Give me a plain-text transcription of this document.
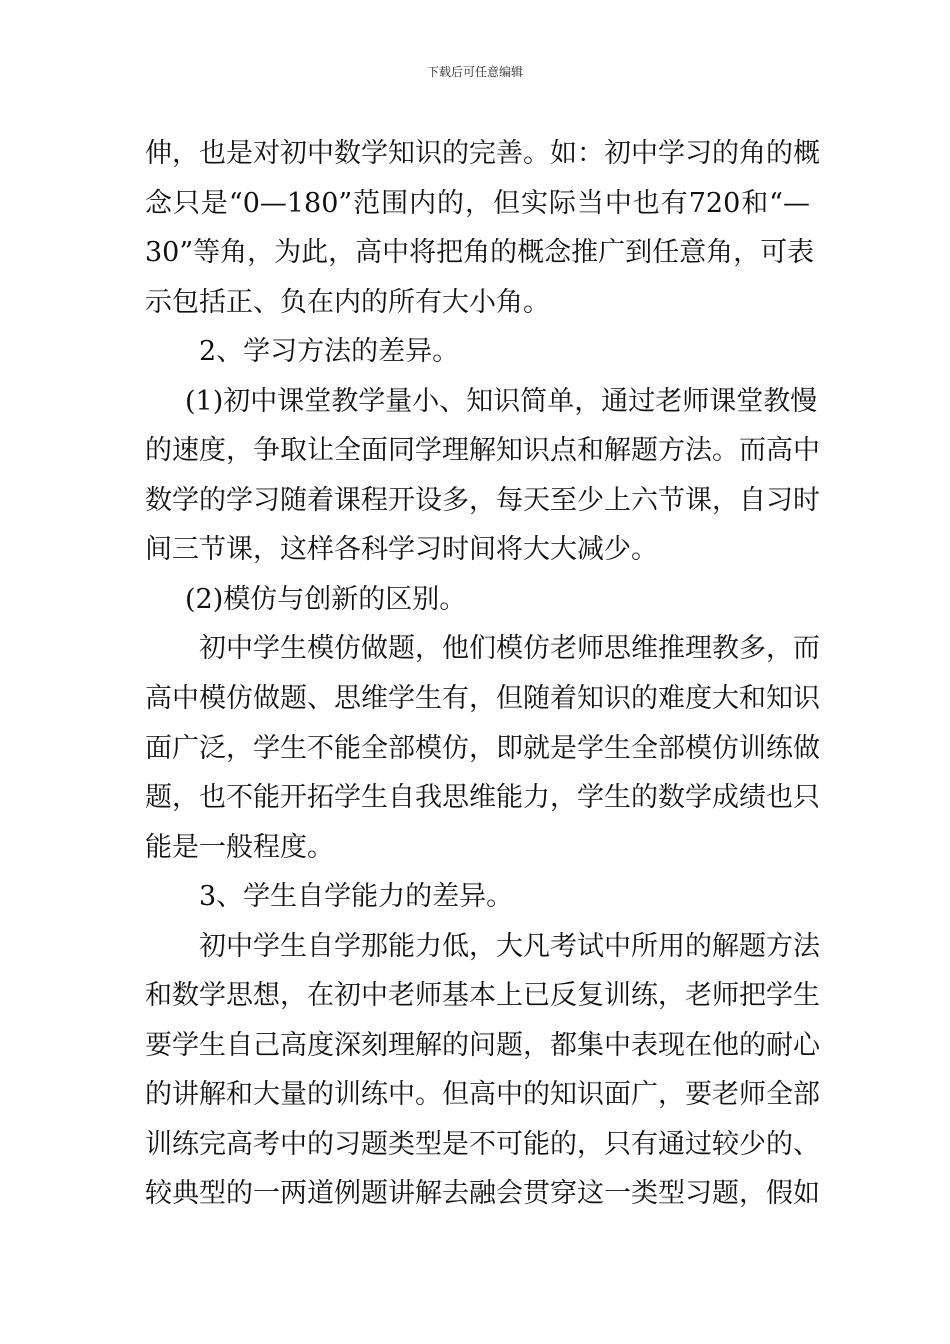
下载后可任意编辑
伸，也是对初中数学知识的完善。如：初中学习的角的概
念只是“0—180”范围内的，但实际当中也有720和“—
30”等角，为此，高中将把角的概念推广到任意角，可表
示包括正、负在内的所有大小角。
2、学习方法的差异。
(1)初中课堂教学量小、知识简单，通过老师课堂教慢
的速度，争取让全面同学理解知识点和解题方法。而高中
数学的学习随着课程开设多，每天至少上六节课，自习时
间三节课，这样各科学习时间将大大减少。
(2)模仿与创新的区别。
初中学生模仿做题，他们模仿老师思维推理教多，而
高中模仿做题、思维学生有，但随着知识的难度大和知识
面广泛，学生不能全部模仿，即就是学生全部模仿训练做
题，也不能开拓学生自我思维能力，学生的数学成绩也只
能是一般程度。
3、学生自学能力的差异。
初中学生自学那能力低，大凡考试中所用的解题方法
和数学思想，在初中老师基本上已反复训练，老师把学生
要学生自己高度深刻理解的问题，都集中表现在他的耐心
的讲解和大量的训练中。但高中的知识面广，要老师全部
训练完高考中的习题类型是不可能的，只有通过较少的、
较典型的一两道例题讲解去融会贯穿这一类型习题，假如
